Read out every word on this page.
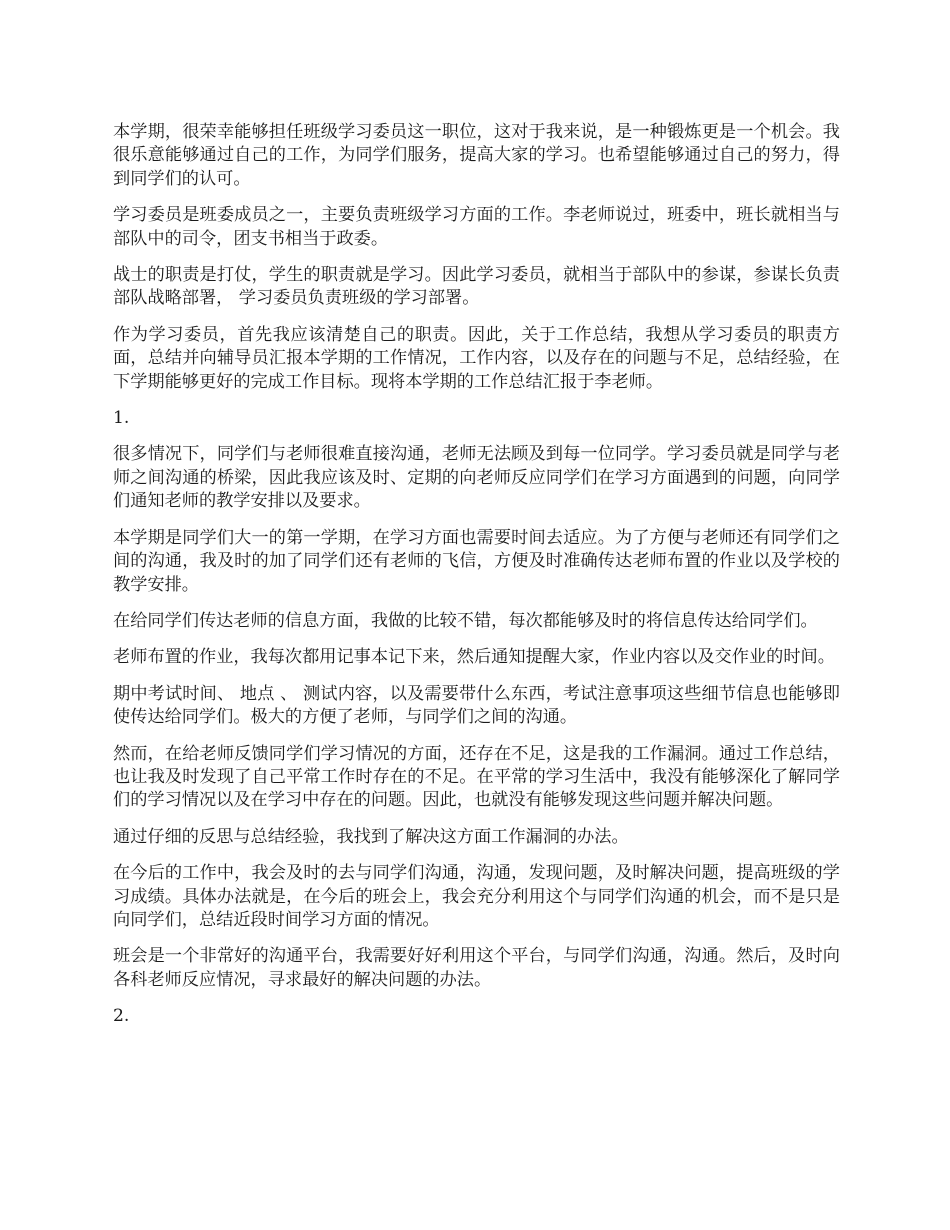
本学期，很荣幸能够担任班级学习委员这一职位，这对于我来说，是一种锻炼更是一个机会。我很乐意能够通过自己的工作，为同学们服务，提高大家的学习。也希望能够通过自己的努力，得到同学们的认可。

学习委员是班委成员之一，主要负责班级学习方面的工作。李老师说过，班委中，班长就相当与部队中的司令，团支书相当于政委。

战士的职责是打仗，学生的职责就是学习。因此学习委员，就相当于部队中的参谋，参谋长负责部队战略部署， 学习委员负责班级的学习部署。

作为学习委员，首先我应该清楚自己的职责。因此，关于工作总结，我想从学习委员的职责方面，总结并向辅导员汇报本学期的工作情况，工作内容，以及存在的问题与不足，总结经验，在下学期能够更好的完成工作目标。现将本学期的工作总结汇报于李老师。

1.

很多情况下，同学们与老师很难直接沟通，老师无法顾及到每一位同学。学习委员就是同学与老师之间沟通的桥梁，因此我应该及时、定期的向老师反应同学们在学习方面遇到的问题，向同学们通知老师的教学安排以及要求。

本学期是同学们大一的第一学期，在学习方面也需要时间去适应。为了方便与老师还有同学们之间的沟通，我及时的加了同学们还有老师的飞信，方便及时准确传达老师布置的作业以及学校的教学安排。

在给同学们传达老师的信息方面，我做的比较不错，每次都能够及时的将信息传达给同学们。

老师布置的作业，我每次都用记事本记下来，然后通知提醒大家，作业内容以及交作业的时间。

期中考试时间、 地点 、 测试内容，以及需要带什么东西，考试注意事项这些细节信息也能够即使传达给同学们。极大的方便了老师，与同学们之间的沟通。

然而，在给老师反馈同学们学习情况的方面，还存在不足，这是我的工作漏洞。通过工作总结，也让我及时发现了自己平常工作时存在的不足。在平常的学习生活中，我没有能够深化了解同学们的学习情况以及在学习中存在的问题。因此，也就没有能够发现这些问题并解决问题。

通过仔细的反思与总结经验，我找到了解决这方面工作漏洞的办法。

在今后的工作中，我会及时的去与同学们沟通，沟通，发现问题，及时解决问题，提高班级的学习成绩。具体办法就是，在今后的班会上，我会充分利用这个与同学们沟通的机会，而不是只是向同学们，总结近段时间学习方面的情况。

班会是一个非常好的沟通平台，我需要好好利用这个平台，与同学们沟通，沟通。然后，及时向各科老师反应情况，寻求最好的解决问题的办法。

2.
